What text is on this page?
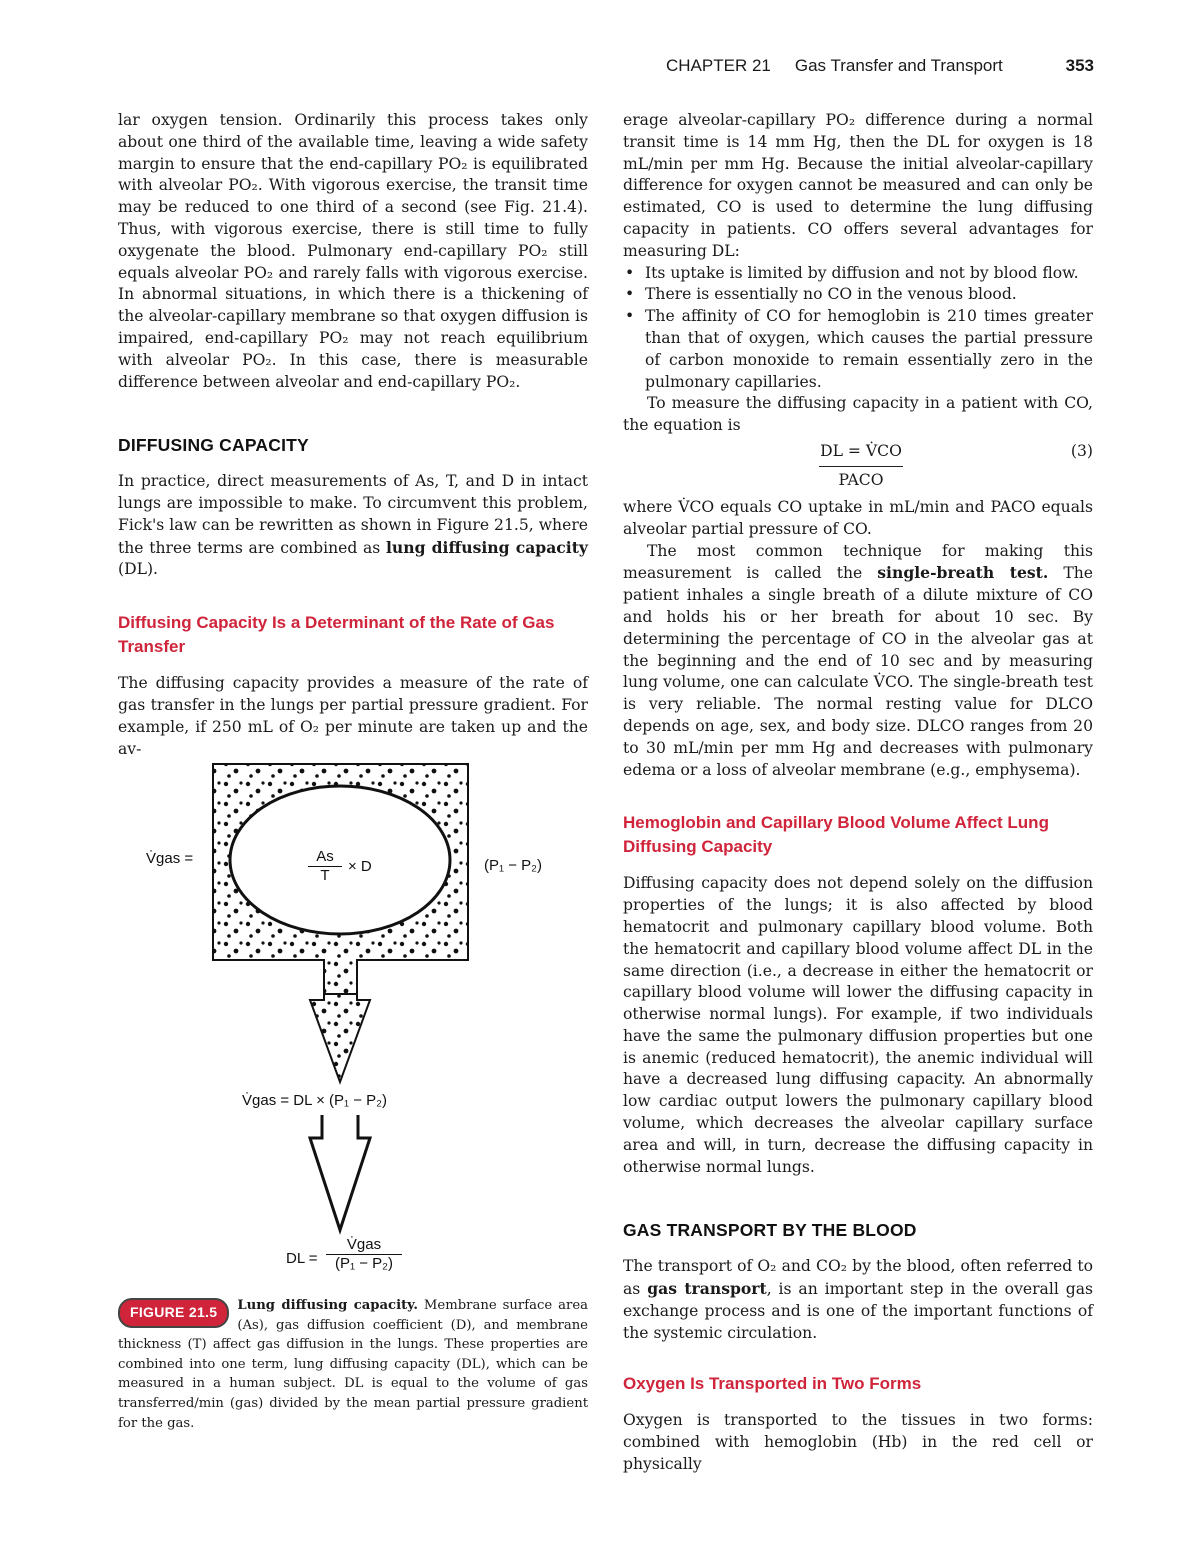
CHAPTER 21 Gas Transfer and Transport	353

lar oxygen tension. Ordinarily this process takes only about one third of the available time, leaving a wide safety margin to ensure that the end-capillary PO₂ is equilibrated with alveolar PO₂. With vigorous exercise, the transit time may be reduced to one third of a second (see Fig. 21.4). Thus, with vigorous exercise, there is still time to fully oxygenate the blood. Pulmonary end-capillary PO₂ still equals alveolar PO₂ and rarely falls with vigorous exercise. In abnormal situations, in which there is a thickening of the alveolar-capillary membrane so that oxygen diffusion is impaired, end-capillary PO₂ may not reach equilibrium with alveolar PO₂. In this case, there is measurable difference between alveolar and end-capillary PO₂.

DIFFUSING CAPACITY

In practice, direct measurements of As, T, and D in intact lungs are impossible to make. To circumvent this problem, Fick's law can be rewritten as shown in Figure 21.5, where the three terms are combined as lung diffusing capacity (DL).

Diffusing Capacity Is a Determinant of the Rate of Gas Transfer

The diffusing capacity provides a measure of the rate of gas transfer in the lungs per partial pressure gradient. For example, if 250 mL of O₂ per minute are taken up and the av-

V̇gas =	As
T
× D	(P₁ − P₂)
V̇gas = DL × (P₁ − P₂)
DL =
V̇gas
(P₁ − P₂)
FIGURE 21.5	Lung diffusing capacity. Membrane surface area (As), gas diffusion coefficient (D), and membrane thickness (T) affect gas diffusion in the lungs. These properties are combined into one term, lung diffusing capacity (DL), which can be measured in a human subject. DL is equal to the volume of gas transferred/min (gas) divided by the mean partial pressure gradient for the gas.

erage alveolar-capillary PO₂ difference during a normal transit time is 14 mm Hg, then the DL for oxygen is 18 mL/min per mm Hg. Because the initial alveolar-capillary difference for oxygen cannot be measured and can only be estimated, CO is used to determine the lung diffusing capacity in patients. CO offers several advantages for measuring DL:

• Its uptake is limited by diffusion and not by blood flow.
• There is essentially no CO in the venous blood.
• The affinity of CO for hemoglobin is 210 times greater than that of oxygen, which causes the partial pressure of carbon monoxide to remain essentially zero in the pulmonary capillaries.

To measure the diffusing capacity in a patient with CO, the equation is

DL = V̇CO
PACO
(3)

where V̇CO equals CO uptake in mL/min and PACO equals alveolar partial pressure of CO.

The most common technique for making this measurement is called the single-breath test. The patient inhales a single breath of a dilute mixture of CO and holds his or her breath for about 10 sec. By determining the percentage of CO in the alveolar gas at the beginning and the end of 10 sec and by measuring lung volume, one can calculate V̇CO. The single-breath test is very reliable. The normal resting value for DLCO depends on age, sex, and body size. DLCO ranges from 20 to 30 mL/min per mm Hg and decreases with pulmonary edema or a loss of alveolar membrane (e.g., emphysema).

Hemoglobin and Capillary Blood Volume Affect Lung Diffusing Capacity

Diffusing capacity does not depend solely on the diffusion properties of the lungs; it is also affected by blood hematocrit and pulmonary capillary blood volume. Both the hematocrit and capillary blood volume affect DL in the same direction (i.e., a decrease in either the hematocrit or capillary blood volume will lower the diffusing capacity in otherwise normal lungs). For example, if two individuals have the same the pulmonary diffusion properties but one is anemic (reduced hematocrit), the anemic individual will have a decreased lung diffusing capacity. An abnormally low cardiac output lowers the pulmonary capillary blood volume, which decreases the alveolar capillary surface area and will, in turn, decrease the diffusing capacity in otherwise normal lungs.

GAS TRANSPORT BY THE BLOOD

The transport of O₂ and CO₂ by the blood, often referred to as gas transport, is an important step in the overall gas exchange process and is one of the important functions of the systemic circulation.

Oxygen Is Transported in Two Forms

Oxygen is transported to the tissues in two forms: combined with hemoglobin (Hb) in the red cell or physically
